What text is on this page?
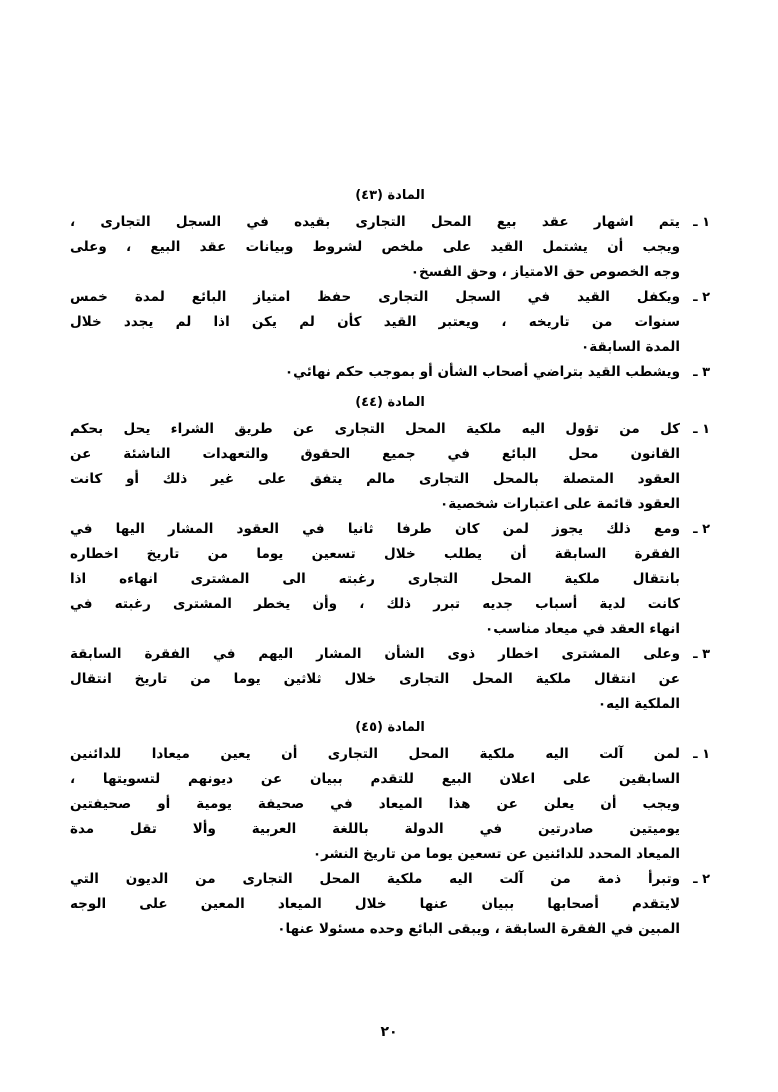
المادة (٤٣)
١ ـ
يتم اشهار عقد بيع المحل التجارى بقيده في السجل التجارى ،
ويجب أن يشتمل القيد على ملخص لشروط وبيانات عقد البيع ، وعلى
وجه الخصوص حق الامتياز ، وحق الفسخ٠
٢ ـ
ويكفل القيد في السجل التجارى حفظ امتياز البائع لمدة خمس
سنوات من تاريخه ، ويعتبر القيد كأن لم يكن اذا لم يجدد خلال
المدة السابقة٠
٣ ـ
ويشطب القيد بتراضي أصحاب الشأن أو بموجب حكم نهائي٠
المادة (٤٤)
١ ـ
كل من تؤول اليه ملكية المحل التجارى عن طريق الشراء يحل بحكم
القانون محل البائع في جميع الحقوق والتعهدات الناشئة عن
العقود المتصلة بالمحل التجارى مالم يتفق على غير ذلك أو كانت
العقود قائمة على اعتبارات شخصية٠
٢ ـ
ومع ذلك يجوز لمن كان طرفا ثانيا في العقود المشار اليها في
الفقرة السابقة أن يطلب خلال تسعين يوما من تاريخ اخطاره
بانتقال ملكية المحل التجارى رغبته الى المشترى انهاءه اذا
كانت لدية أسباب جديه تبرر ذلك ، وأن يخطر المشترى رغبته في
انهاء العقد في ميعاد مناسب٠
٣ ـ
وعلى المشترى اخطار ذوى الشأن المشار اليهم في الفقرة السابقة
عن انتقال ملكية المحل التجارى خلال ثلاثين يوما من تاريخ انتقال
الملكية اليه٠
المادة (٤٥)
١ ـ
لمن آلت اليه ملكية المحل التجارى أن يعين ميعادا للدائنين
السابقين على اعلان البيع للتقدم ببيان عن ديونهم لتسويتها ،
ويجب أن يعلن عن هذا الميعاد في صحيفة يومية أو صحيفتين
يوميتين صادرتين في الدولة باللغة العربية وألا تقل مدة
الميعاد المحدد للدائنين عن تسعين يوما من تاريخ النشر٠
٢ ـ
وتبرأ ذمة من آلت اليه ملكية المحل التجارى من الديون التي
لايتقدم أصحابها ببيان عنها خلال الميعاد المعين على الوجه
المبين في الفقرة السابقة ، ويبقى البائع وحده مسئولا عنها٠
٢٠
